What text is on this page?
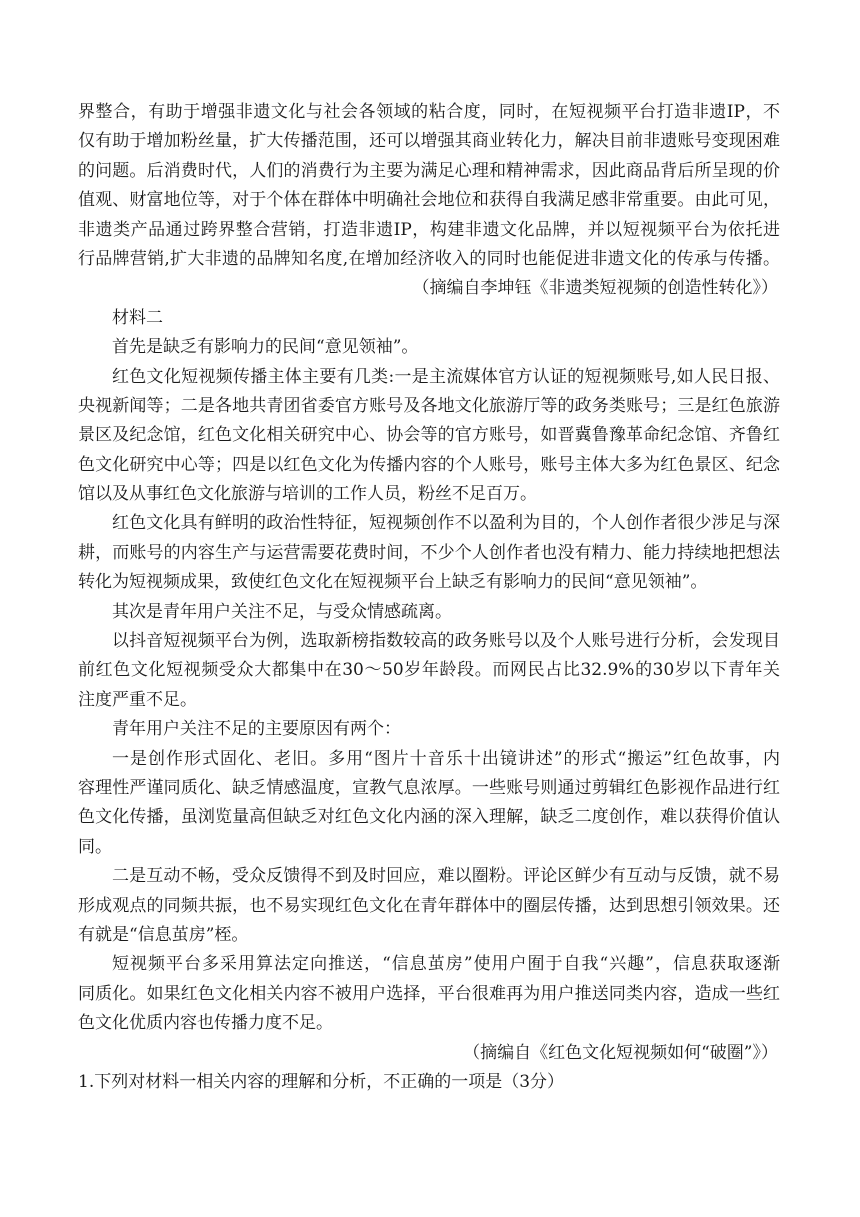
界整合，有助于增强非遗文化与社会各领域的粘合度，同时，在短视频平台打造非遗IP，不
仅有助于增加粉丝量，扩大传播范围，还可以增强其商业转化力，解决目前非遗账号变现困难
的问题。后消费时代，人们的消费行为主要为满足心理和精神需求，因此商品背后所呈现的价
值观、财富地位等，对于个体在群体中明确社会地位和获得自我满足感非常重要。由此可见，
非遗类产品通过跨界整合营销，打造非遗IP，构建非遗文化品牌，并以短视频平台为依托进
行品牌营销,扩大非遗的品牌知名度,在增加经济收入的同时也能促进非遗文化的传承与传播。
（摘编自李坤钰《非遗类短视频的创造性转化》）
材料二
首先是缺乏有影响力的民间“意见领袖”。
红色文化短视频传播主体主要有几类:一是主流媒体官方认证的短视频账号,如人民日报、
央视新闻等；二是各地共青团省委官方账号及各地文化旅游厅等的政务类账号；三是红色旅游
景区及纪念馆，红色文化相关研究中心、协会等的官方账号，如晋冀鲁豫革命纪念馆、齐鲁红
色文化研究中心等；四是以红色文化为传播内容的个人账号，账号主体大多为红色景区、纪念
馆以及从事红色文化旅游与培训的工作人员，粉丝不足百万。
红色文化具有鲜明的政治性特征，短视频创作不以盈利为目的，个人创作者很少涉足与深
耕，而账号的内容生产与运营需要花费时间，不少个人创作者也没有精力、能力持续地把想法
转化为短视频成果，致使红色文化在短视频平台上缺乏有影响力的民间“意见领袖”。
其次是青年用户关注不足，与受众情感疏离。
以抖音短视频平台为例，选取新榜指数较高的政务账号以及个人账号进行分析，会发现目
前红色文化短视频受众大都集中在30～50岁年龄段。而网民占比32.9%的30岁以下青年关
注度严重不足。
青年用户关注不足的主要原因有两个：
一是创作形式固化、老旧。多用“图片十音乐十出镜讲述”的形式“搬运”红色故事，内
容理性严谨同质化、缺乏情感温度，宣教气息浓厚。一些账号则通过剪辑红色影视作品进行红
色文化传播，虽浏览量高但缺乏对红色文化内涵的深入理解，缺乏二度创作，难以获得价值认
同。
二是互动不畅，受众反馈得不到及时回应，难以圈粉。评论区鲜少有互动与反馈，就不易
形成观点的同频共振，也不易实现红色文化在青年群体中的圈层传播，达到思想引领效果。还
有就是“信息茧房”桎。
短视频平台多采用算法定向推送，“信息茧房”使用户囿于自我“兴趣”，信息获取逐渐
同质化。如果红色文化相关内容不被用户选择，平台很难再为用户推送同类内容，造成一些红
色文化优质内容也传播力度不足。
（摘编自《红色文化短视频如何“破圈”》）
1.下列对材料一相关内容的理解和分析，不正确的一项是（3分）
